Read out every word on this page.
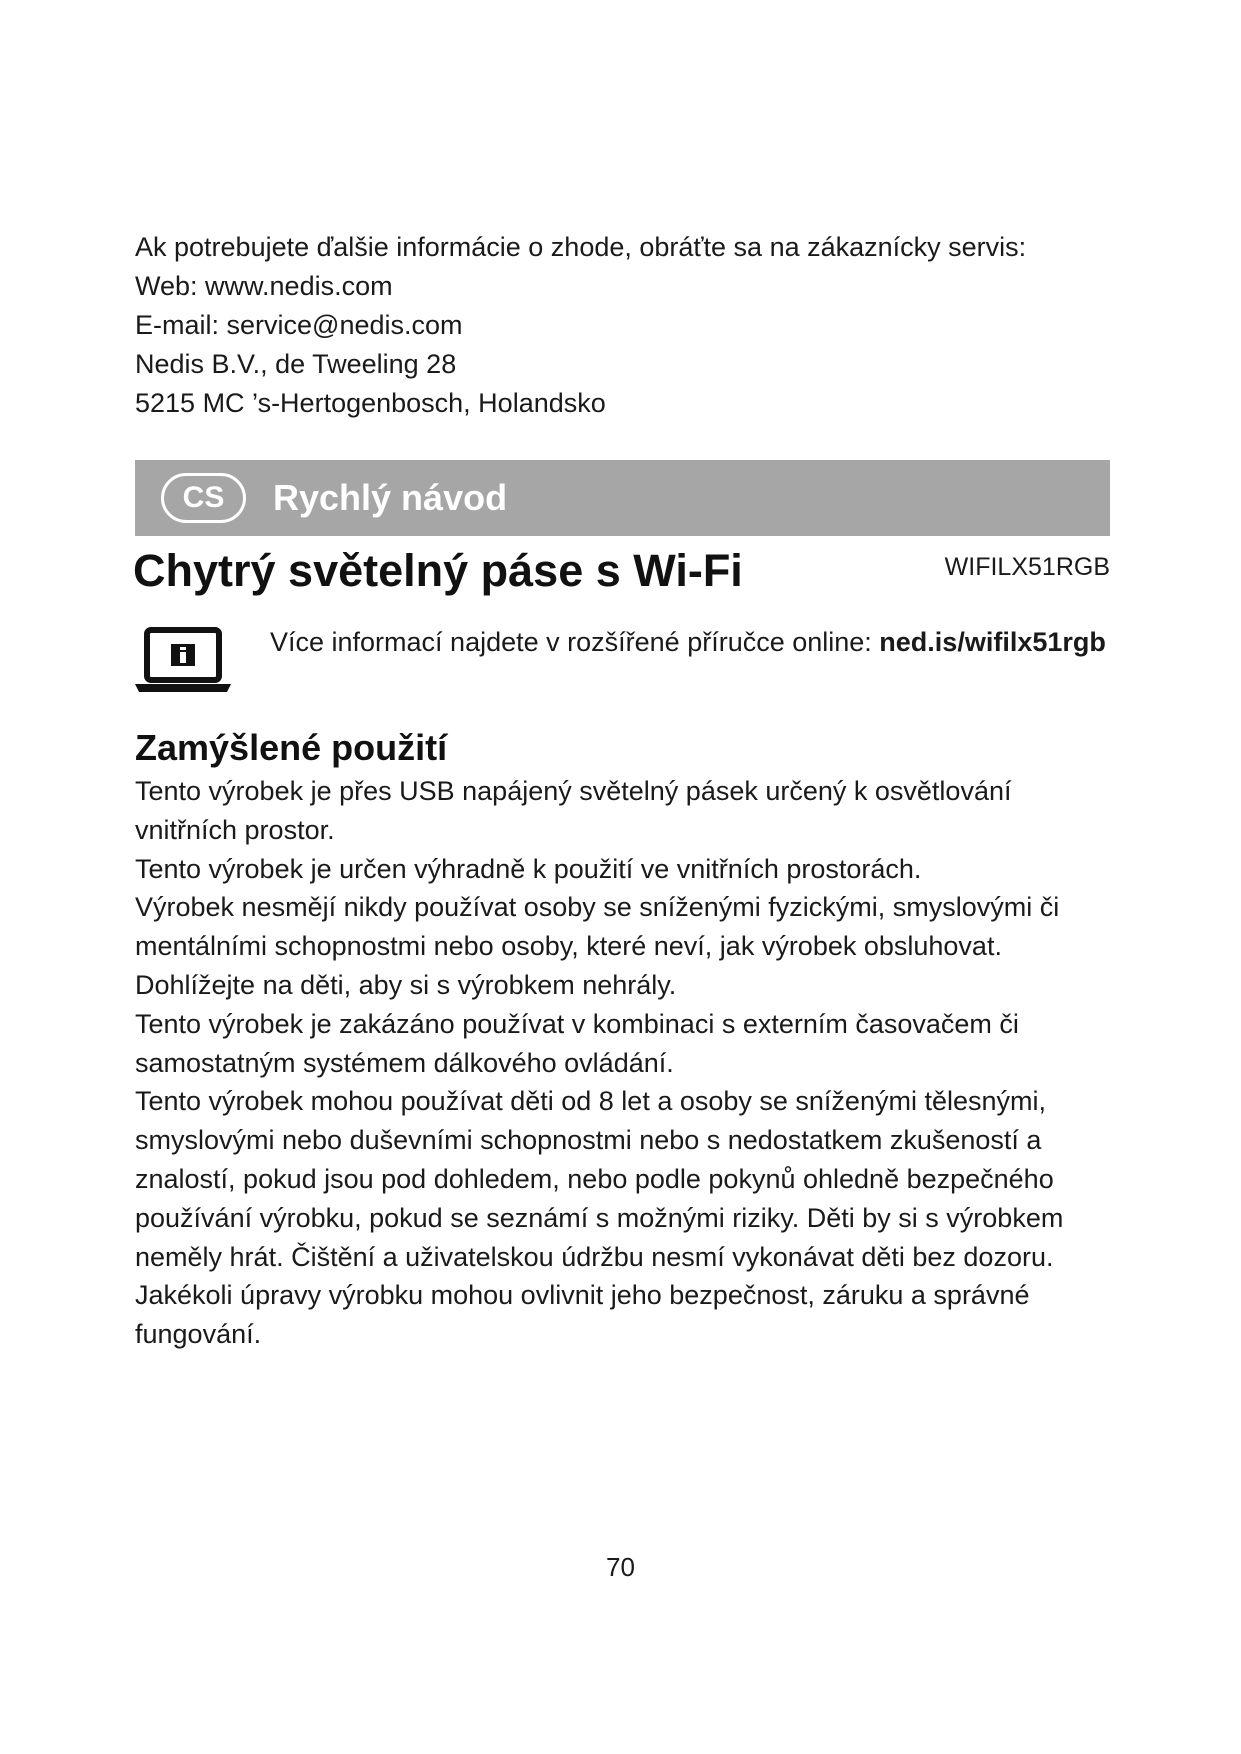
Ak potrebujete ďalšie informácie o zhode, obráťte sa na zákaznícky servis:
Web: www.nedis.com
E-mail: service@nedis.com
Nedis B.V., de Tweeling 28
5215 MC ’s-Hertogenbosch, Holandsko
CS	Rychlý návod
Chytrý světelný páse s Wi-Fi	WIFILX51RGB
Více informací najdete v rozšířené příručce online: ned.is/wifilx51rgb
Zamýšlené použití
Tento výrobek je přes USB napájený světelný pásek určený k osvětlování
vnitřních prostor.
Tento výrobek je určen výhradně k použití ve vnitřních prostorách.
Výrobek nesmějí nikdy používat osoby se sníženými fyzickými, smyslovými či
mentálními schopnostmi nebo osoby, které neví, jak výrobek obsluhovat.
Dohlížejte na děti, aby si s výrobkem nehrály.
Tento výrobek je zakázáno používat v kombinaci s externím časovačem či
samostatným systémem dálkového ovládání.
Tento výrobek mohou používat děti od 8 let a osoby se sníženými tělesnými,
smyslovými nebo duševními schopnostmi nebo s nedostatkem zkušeností a
znalostí, pokud jsou pod dohledem, nebo podle pokynů ohledně bezpečného
používání výrobku, pokud se seznámí s možnými riziky. Děti by si s výrobkem
neměly hrát. Čištění a uživatelskou údržbu nesmí vykonávat děti bez dozoru.
Jakékoli úpravy výrobku mohou ovlivnit jeho bezpečnost, záruku a správné
fungování.
70
